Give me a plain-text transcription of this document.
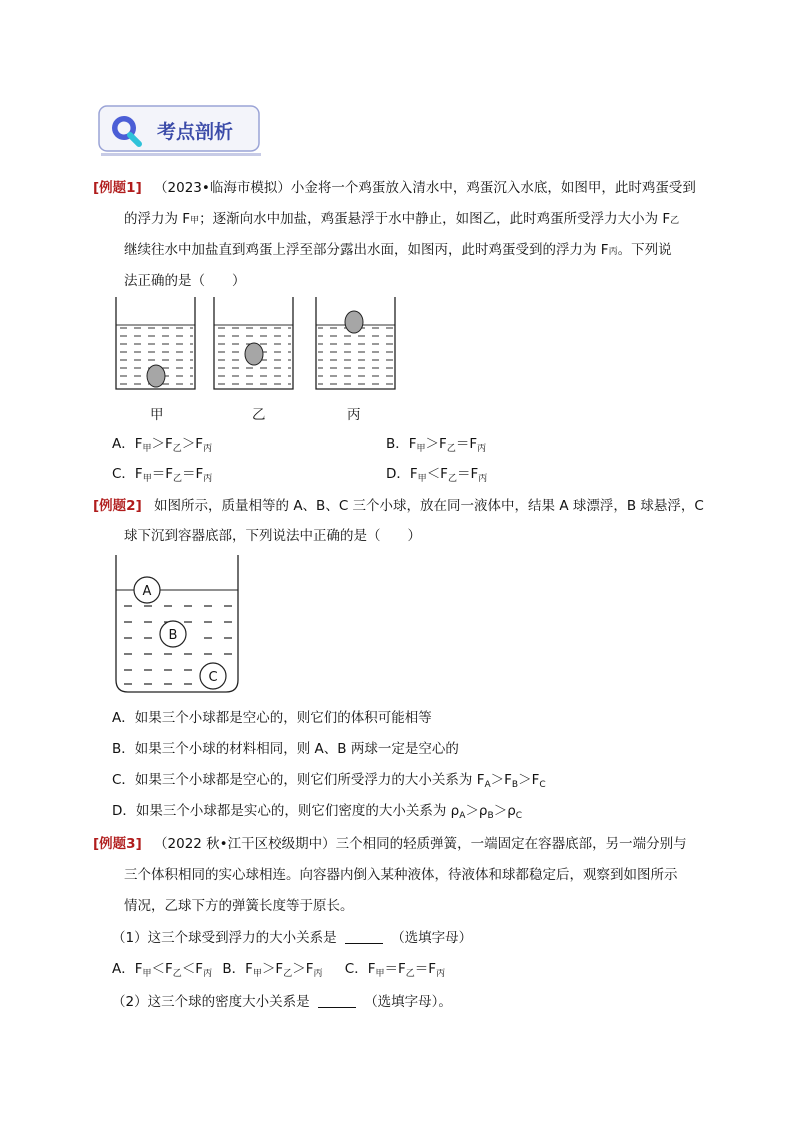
考点剖析
[例题1] （2023•临海市模拟）小金将一个鸡蛋放入清水中，鸡蛋沉入水底，如图甲，此时鸡蛋受到
的浮力为 F甲；逐渐向水中加盐，鸡蛋悬浮于水中静止，如图乙，此时鸡蛋所受浮力大小为 F乙
继续往水中加盐直到鸡蛋上浮至部分露出水面，如图丙，此时鸡蛋受到的浮力为 F丙。下列说
法正确的是（　　）
甲	乙	丙
A．$F_甲>F_乙>F_丙$	B．$F_甲>F_乙=F_丙$
C．$F_甲=F_乙=F_丙$	D．$F_甲<F_乙=F_丙$
[例题2] 如图所示，质量相等的 A、B、C 三个小球，放在同一液体中，结果 A 球漂浮，B 球悬浮，C
球下沉到容器底部，下列说法中正确的是（　　）
A
B
C
A．如果三个小球都是空心的，则它们的体积可能相等
B．如果三个小球的材料相同，则 A、B 两球一定是空心的
C．如果三个小球都是空心的，则它们所受浮力的大小关系为 $F_A>F_B>F_C$
D．如果三个小球都是实心的，则它们密度的大小关系为 $\rho_A>\rho_B>\rho_C$
[例题3] （2022 秋•江干区校级期中）三个相同的轻质弹簧，一端固定在容器底部，另一端分别与
三个体积相同的实心球相连。向容器内倒入某种液体，待液体和球都稳定后，观察到如图所示
情况，乙球下方的弹簧长度等于原长。
（1）这三个球受到浮力的大小关系是	（选填字母）
A．$F_甲<F_乙<F_丙$ B．$F_甲>F_乙>F_丙$ C．$F_甲=F_乙=F_丙$
（2）这三个球的密度大小关系是	（选填字母）。
